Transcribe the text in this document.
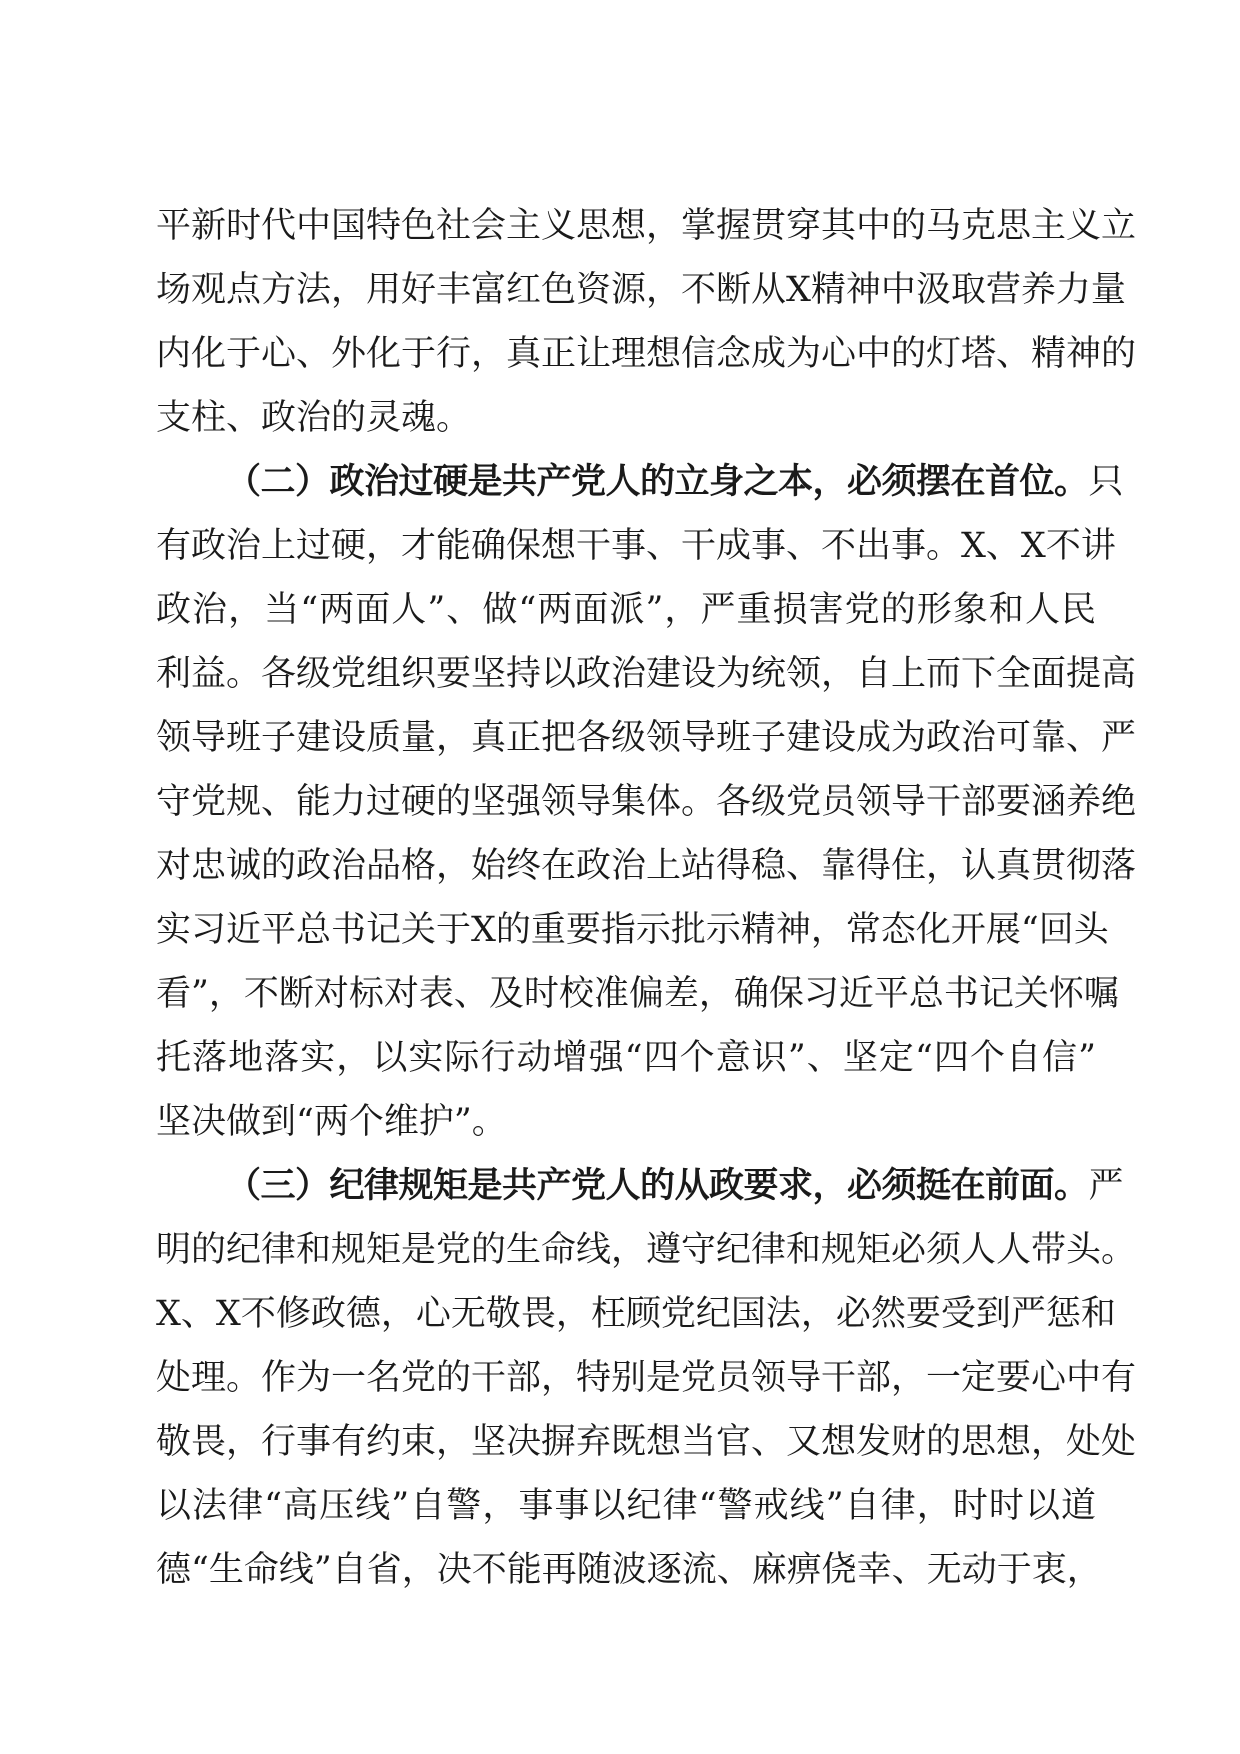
平新时代中国特色社会主义思想，掌握贯穿其中的马克思主义立
场观点方法，用好丰富红色资源，不断从X精神中汲取营养力量
内化于心、外化于行，真正让理想信念成为心中的灯塔、精神的
支柱、政治的灵魂。
（二）政治过硬是共产党人的立身之本，必须摆在首位。只
有政治上过硬，才能确保想干事、干成事、不出事。X、X不讲
政治，当“两面人”、做“两面派”，严重损害党的形象和人民
利益。各级党组织要坚持以政治建设为统领，自上而下全面提高
领导班子建设质量，真正把各级领导班子建设成为政治可靠、严
守党规、能力过硬的坚强领导集体。各级党员领导干部要涵养绝
对忠诚的政治品格，始终在政治上站得稳、靠得住，认真贯彻落
实习近平总书记关于X的重要指示批示精神，常态化开展“回头
看”，不断对标对表、及时校准偏差，确保习近平总书记关怀嘱
托落地落实，以实际行动增强“四个意识”、坚定“四个自信”
坚决做到“两个维护”。
（三）纪律规矩是共产党人的从政要求，必须挺在前面。严
明的纪律和规矩是党的生命线，遵守纪律和规矩必须人人带头。
X、X不修政德，心无敬畏，枉顾党纪国法，必然要受到严惩和
处理。作为一名党的干部，特别是党员领导干部，一定要心中有
敬畏，行事有约束，坚决摒弃既想当官、又想发财的思想，处处
以法律“高压线”自警，事事以纪律“警戒线”自律，时时以道
德“生命线”自省，决不能再随波逐流、麻痹侥幸、无动于衷，
